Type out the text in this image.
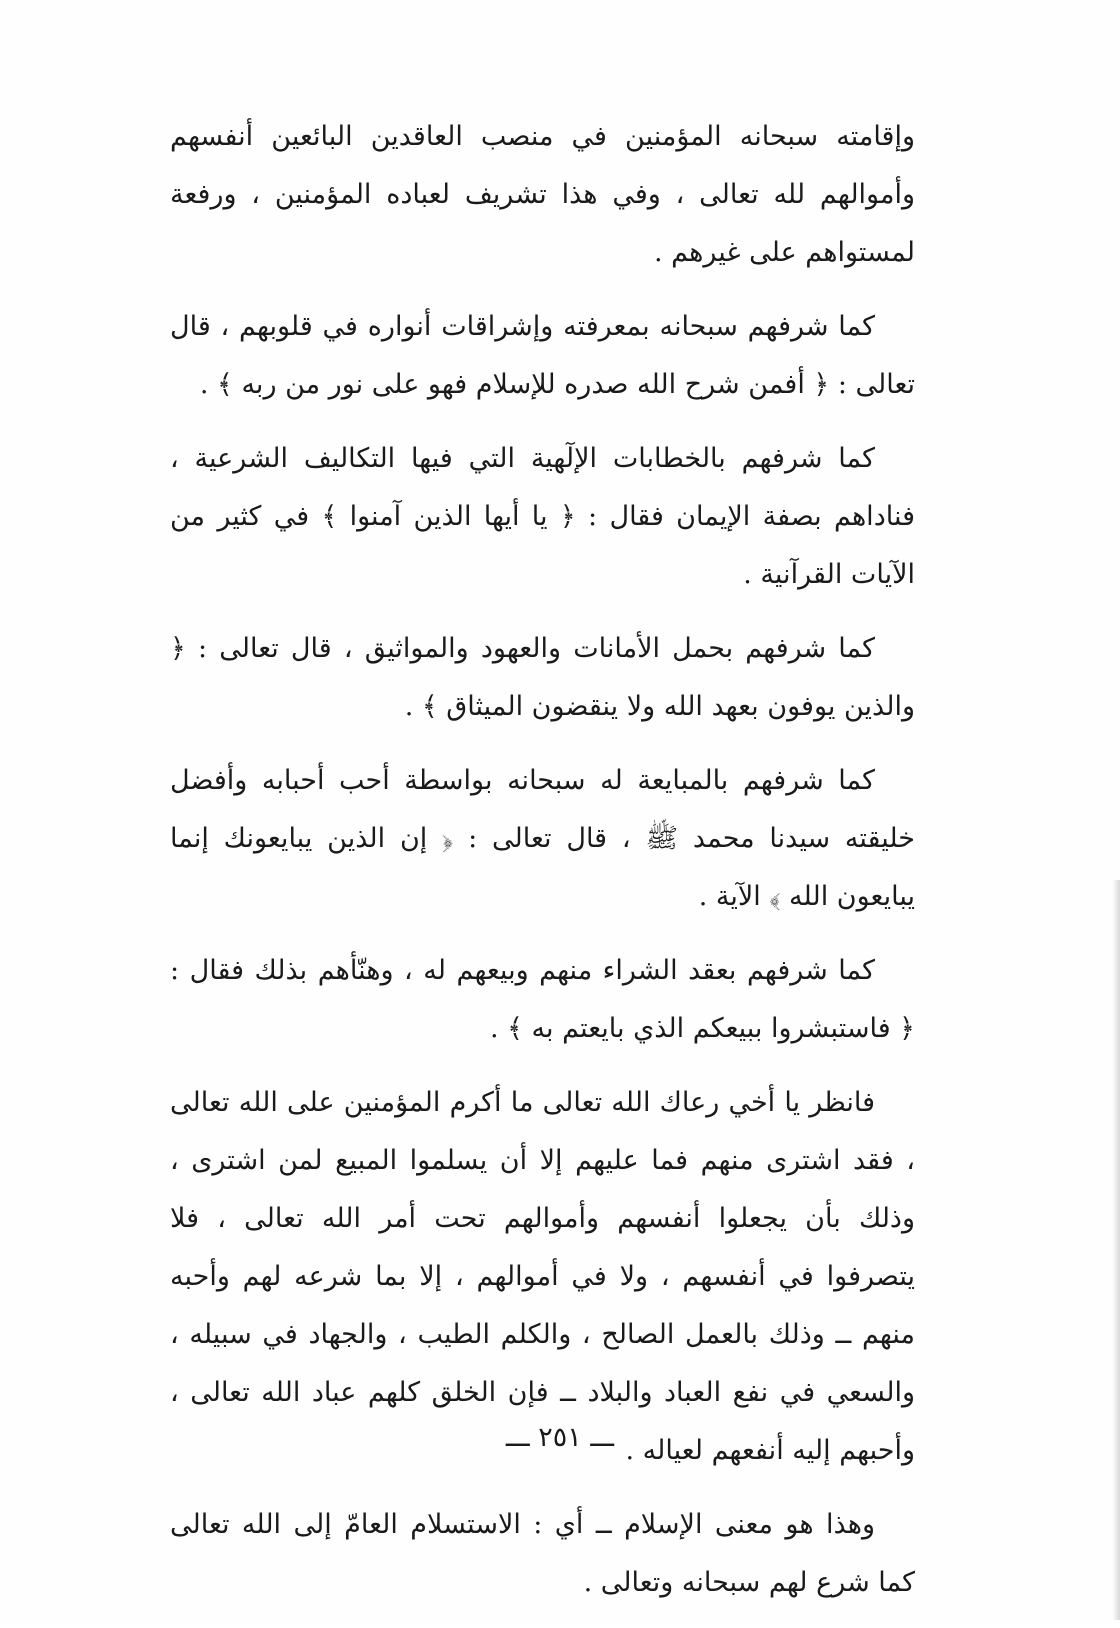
وإقامته سبحانه المؤمنين في منصب العاقدين البائعين أنفسهم وأموالهم لله تعالى ، وفي هذا تشريف لعباده المؤمنين ، ورفعة لمستواهم على غيرهم .

كما شرفهم سبحانه بمعرفته وإشراقات أنواره في قلوبهم ، قال تعالى : ﴿ أفمن شرح الله صدره للإسلام فهو على نور من ربه ﴾ .

كما شرفهم بالخطابات الإلٓهية التي فيها التكاليف الشرعية ، فناداهم بصفة الإيمان فقال : ﴿ يا أيها الذين آمنوا ﴾ في كثير من الآيات القرآنية .

كما شرفهم بحمل الأمانات والعهود والمواثيق ، قال تعالى : ﴿ والذين يوفون بعهد الله ولا ينقضون الميثاق ﴾ .

كما شرفهم بالمبايعة له سبحانه بواسطة أحب أحبابه وأفضل خليقته سيدنا محمد ﷺ ، قال تعالى : ﴿ إن الذين يبايعونك إنما يبايعون الله ﴾ الآية .

كما شرفهم بعقد الشراء منهم وبيعهم له ، وهنّأهم بذلك فقال : ﴿ فاستبشروا ببيعكم الذي بايعتم به ﴾ .

فانظر يا أخي رعاك الله تعالى ما أكرم المؤمنين على الله تعالى ، فقد اشترى منهم فما عليهم إلا أن يسلموا المبيع لمن اشترى ، وذلك بأن يجعلوا أنفسهم وأموالهم تحت أمر الله تعالى ، فلا يتصرفوا في أنفسهم ، ولا في أموالهم ، إلا بما شرعه لهم وأحبه منهم ــ وذلك بالعمل الصالح ، والكلم الطيب ، والجهاد في سبيله ، والسعي في نفع العباد والبلاد ــ فإن الخلق كلهم عباد الله تعالى ، وأحبهم إليه أنفعهم لعياله .

وهذا هو معنى الإسلام ــ أي : الاستسلام العامّ إلى الله تعالى كما شرع لهم سبحانه وتعالى .

ـــ ٢٥١ ـــ
